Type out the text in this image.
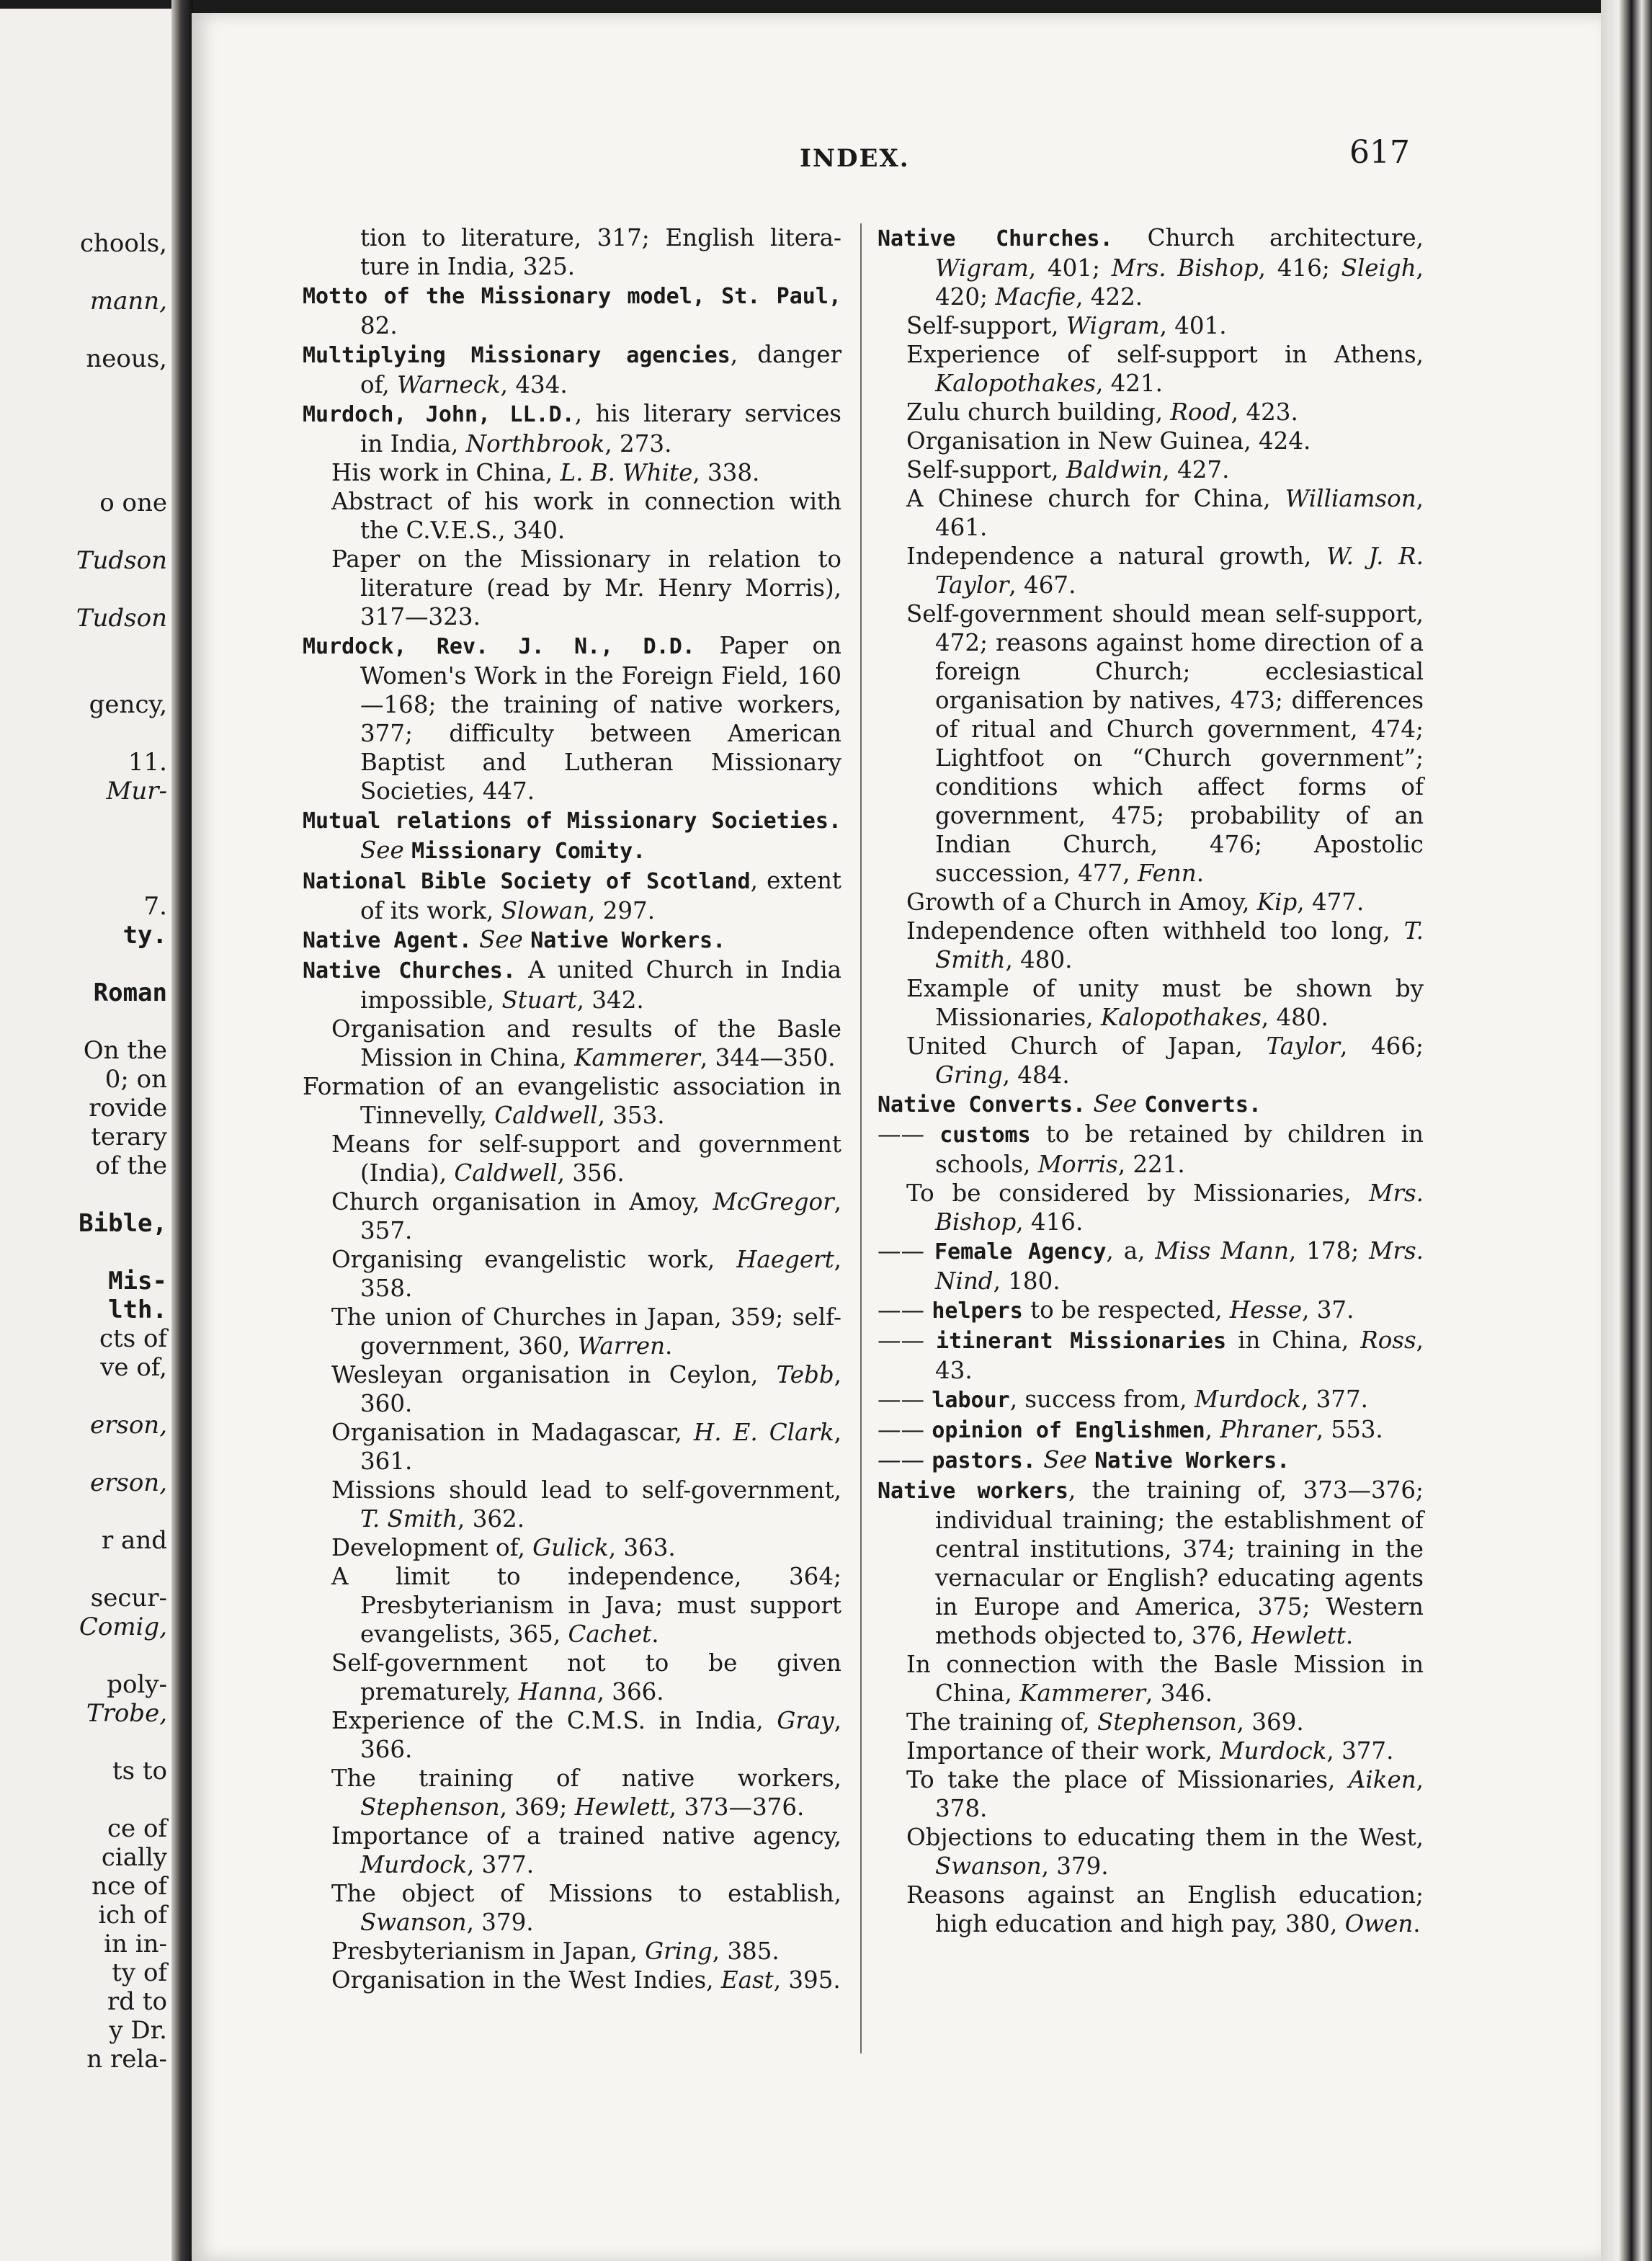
INDEX.	617
tion to literature, 317; English litera-ture in India, 325.
Motto of the Missionary model, St. Paul, 82.
Multiplying Missionary agencies, danger of, Warneck, 434.
Murdoch, John, LL.D., his literary services in India, Northbrook, 273.
His work in China, L. B. White, 338.
Abstract of his work in connection with the C.V.E.S., 340.
Paper on the Missionary in relation to literature (read by Mr. Henry Morris), 317—323.
Murdock, Rev. J. N., D.D. Paper on Women's Work in the Foreign Field, 160—168; the training of native workers, 377; difficulty between American Baptist and Lutheran Missionary Societies, 447.
Mutual relations of Missionary Societies. See Missionary Comity.
National Bible Society of Scotland, extent of its work, Slowan, 297.
Native Agent. See Native Workers.
Native Churches. A united Church in India impossible, Stuart, 342.
Organisation and results of the Basle Mission in China, Kammerer, 344—350.
Formation of an evangelistic association in Tinnevelly, Caldwell, 353.
Means for self-support and government (India), Caldwell, 356.
Church organisation in Amoy, McGregor, 357.
Organising evangelistic work, Haegert, 358.
The union of Churches in Japan, 359; self-government, 360, Warren.
Wesleyan organisation in Ceylon, Tebb, 360.
Organisation in Madagascar, H. E. Clark, 361.
Missions should lead to self-government, T. Smith, 362.
Development of, Gulick, 363.
A limit to independence, 364; Presbyterianism in Java; must support evangelists, 365, Cachet.
Self-government not to be given prematurely, Hanna, 366.
Experience of the C.M.S. in India, Gray, 366.
The training of native workers, Stephenson, 369; Hewlett, 373—376.
Importance of a trained native agency, Murdock, 377.
The object of Missions to establish, Swanson, 379.
Presbyterianism in Japan, Gring, 385.
Organisation in the West Indies, East, 395.
Native Churches. Church architecture, Wigram, 401; Mrs. Bishop, 416; Sleigh, 420; Macfie, 422.
Self-support, Wigram, 401.
Experience of self-support in Athens, Kalopothakes, 421.
Zulu church building, Rood, 423.
Organisation in New Guinea, 424.
Self-support, Baldwin, 427.
A Chinese church for China, Williamson, 461.
Independence a natural growth, W. J. R. Taylor, 467.
Self-government should mean self-support, 472; reasons against home direction of a foreign Church; ecclesiastical organisation by natives, 473; differences of ritual and Church government, 474; Lightfoot on “Church government”; conditions which affect forms of government, 475; probability of an Indian Church, 476; Apostolic succession, 477, Fenn.
Growth of a Church in Amoy, Kip, 477.
Independence often withheld too long, T. Smith, 480.
Example of unity must be shown by Missionaries, Kalopothakes, 480.
United Church of Japan, Taylor, 466; Gring, 484.
Native Converts. See Converts.
—— customs to be retained by children in schools, Morris, 221.
To be considered by Missionaries, Mrs. Bishop, 416.
—— Female Agency, a, Miss Mann, 178; Mrs. Nind, 180.
—— helpers to be respected, Hesse, 37.
—— itinerant Missionaries in China, Ross, 43.
—— labour, success from, Murdock, 377.
—— opinion of Englishmen, Phraner, 553.
—— pastors. See Native Workers.
Native workers, the training of, 373—376; individual training; the establishment of central institutions, 374; training in the vernacular or English? educating agents in Europe and America, 375; Western methods objected to, 376, Hewlett.
In connection with the Basle Mission in China, Kammerer, 346.
The training of, Stephenson, 369.
Importance of their work, Murdock, 377.
To take the place of Missionaries, Aiken, 378.
Objections to educating them in the West, Swanson, 379.
Reasons against an English education; high education and high pay, 380, Owen.
chools,
mann,
neous,
o one
Tudson
Tudson
gency,
11.
Mur-
7.
ty.
Roman
On the
0; on
rovide
terary
of the
Bible,
Mis-
lth.
cts of
ve of,
erson,
erson,
r and
secur-
Comig,
poly-
Trobe,
ts to
ce of
cially
nce of
ich of
in in-
ty of
rd to
y Dr.
n rela-
